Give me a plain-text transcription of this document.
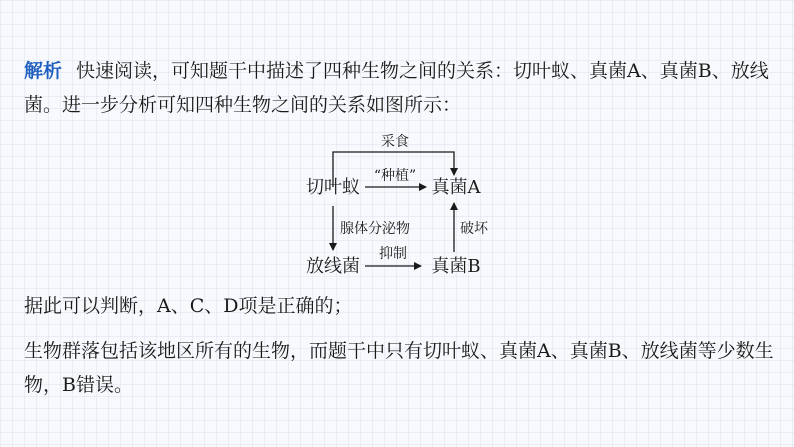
解析 快速阅读，可知题干中描述了四种生物之间的关系：切叶蚁、真菌A、真菌B、放线菌。进一步分析可知四种生物之间的关系如图所示：

采食
“种植”
腺体分泌物
抑制
破坏
切叶蚁	真菌A
放线菌	真菌B

据此可以判断，A、C、D项是正确的；

生物群落包括该地区所有的生物，而题干中只有切叶蚁、真菌A、真菌B、放线菌等少数生物，B错误。
